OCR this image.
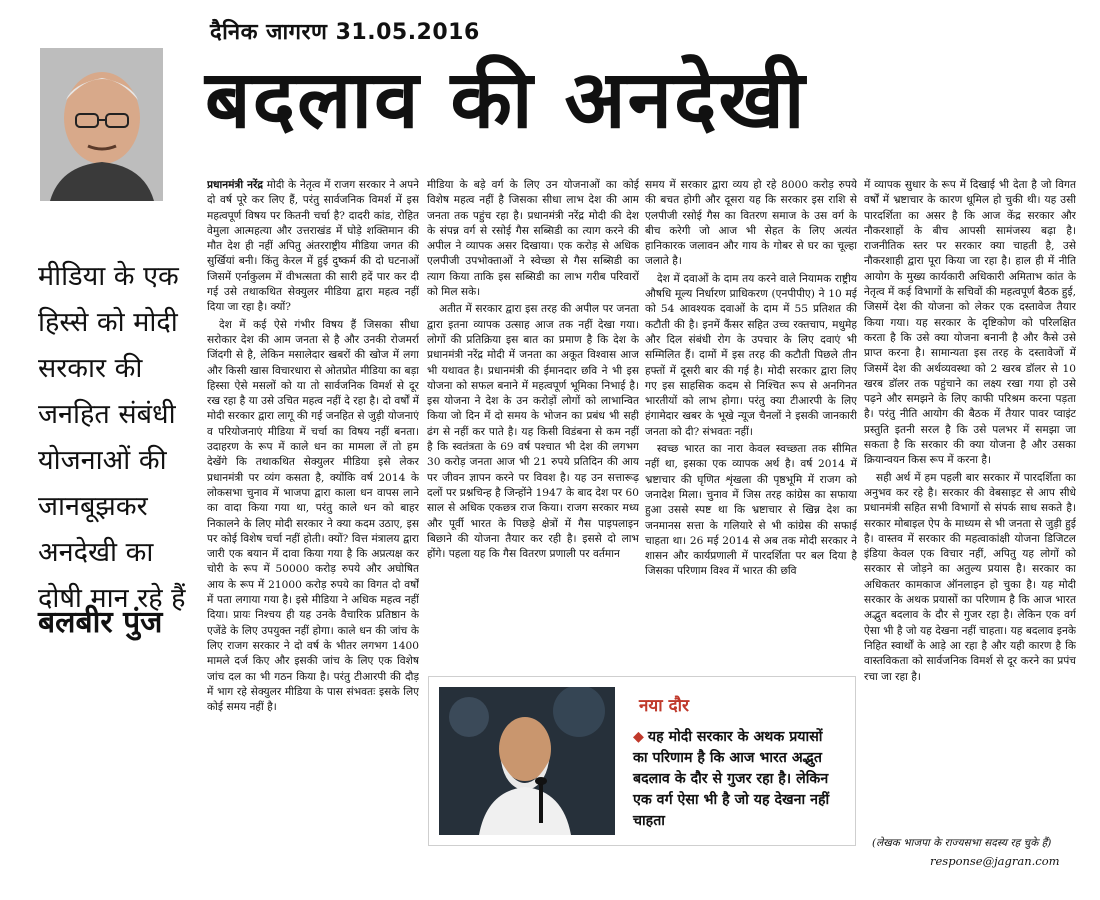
दैनिक जागरण 31.05.2016
बदलाव की अनदेखी
मीडिया के एक हिस्से को मोदी सरकार की जनहित संबंधी योजनाओं की जानबूझकर अनदेखी का दोषी मान रहे हैं
बलबीर पुंज

प्रधानमंत्री नरेंद्र मोदी के नेतृत्व में राजग सरकार ने अपने दो वर्ष पूरे कर लिए हैं, परंतु सार्वजनिक विमर्श में इस महत्वपूर्ण विषय पर कितनी चर्चा है? दादरी कांड, रोहित वेमुला आत्महत्या और उत्तराखंड में घोड़े शक्तिमान की मौत देश ही नहीं अपितु अंतरराष्ट्रीय मीडिया जगत की सुर्खियां बनी। किंतु केरल में हुई दुष्कर्म की दो घटनाओं जिसमें एर्नाकुलम में वीभत्सता की सारी हदें पार कर दी गई उसे तथाकथित सेक्युलर मीडिया द्वारा महत्व नहीं दिया जा रहा है। क्यों?

देश में कई ऐसे गंभीर विषय हैं जिसका सीधा सरोकार देश की आम जनता से है और उनकी रोजमर्रा जिंदगी से है, लेकिन मसालेदार खबरों की खोज में लगा और किसी खास विचारधारा से ओतप्रोत मीडिया का बड़ा हिस्सा ऐसे मसलों को या तो सार्वजनिक विमर्श से दूर रख रहा है या उसे उचित महत्व नहीं दे रहा है। दो वर्षों में मोदी सरकार द्वारा लागू की गई जनहित से जुड़ी योजनाएं व परियोजनाएं मीडिया में चर्चा का विषय नहीं बनता। उदाहरण के रूप में काले धन का मामला लें तो हम देखेंगे कि तथाकथित सेक्युलर मीडिया इसे लेकर प्रधानमंत्री पर व्यंग कसता है, क्योंकि वर्ष 2014 के लोकसभा चुनाव में भाजपा द्वारा काला धन वापस लाने का वादा किया गया था, परंतु काले धन को बाहर निकालने के लिए मोदी सरकार ने क्या कदम उठाए, इस पर कोई विशेष चर्चा नहीं होती। क्यों? वित्त मंत्रालय द्वारा जारी एक बयान में दावा किया गया है कि अप्रत्यक्ष कर चोरी के रूप में 50000 करोड़ रुपये और अघोषित आय के रूप में 21000 करोड़ रुपये का विगत दो वर्षों में पता लगाया गया है। इसे मीडिया ने अधिक महत्व नहीं दिया। प्रायः निश्चय ही यह उनके वैचारिक प्रतिष्ठान के एजेंडे के लिए उपयुक्त नहीं होगा। काले धन की जांच के लिए राजग सरकार ने दो वर्ष के भीतर लगभग 1400 मामले दर्ज किए और इसकी जांच के लिए एक विशेष जांच दल का भी गठन किया है। परंतु टीआरपी की दौड़ में भाग रहे सेक्युलर मीडिया के पास संभवतः इसके लिए कोई समय नहीं है।

मीडिया के बड़े वर्ग के लिए उन योजनाओं का कोई विशेष महत्व नहीं है जिसका सीधा लाभ देश की आम जनता तक पहुंच रहा है। प्रधानमंत्री नरेंद्र मोदी की देश के संपन्न वर्ग से रसोई गैस सब्सिडी का त्याग करने की अपील ने व्यापक असर दिखाया। एक करोड़ से अधिक एलपीजी उपभोक्ताओं ने स्वेच्छा से गैस सब्सिडी का त्याग किया ताकि इस सब्सिडी का लाभ गरीब परिवारों को मिल सके।

अतीत में सरकार द्वारा इस तरह की अपील पर जनता द्वारा इतना व्यापक उत्साह आज तक नहीं देखा गया। लोगों की प्रतिक्रिया इस बात का प्रमाण है कि देश के प्रधानमंत्री नरेंद्र मोदी में जनता का अकूत विश्वास आज भी यथावत है। प्रधानमंत्री की ईमानदार छवि ने भी इस योजना को सफल बनाने में महत्वपूर्ण भूमिका निभाई है। इस योजना ने देश के उन करोड़ों लोगों को लाभान्वित किया जो दिन में दो समय के भोजन का प्रबंध भी सही ढंग से नहीं कर पाते है। यह किसी विडंबना से कम नहीं है कि स्वतंत्रता के 69 वर्ष पश्चात भी देश की लगभग 30 करोड़ जनता आज भी 21 रुपये प्रतिदिन की आय पर जीवन ज्ञापन करने पर विवश है। यह उन सत्तारूढ़ दलों पर प्रश्नचिन्ह है जिन्होंने 1947 के बाद देश पर 60 साल से अधिक एकछत्र राज किया। राजग सरकार मध्य और पूर्वी भारत के पिछड़े क्षेत्रों में गैस पाइपलाइन बिछाने की योजना तैयार कर रही है। इससे दो लाभ होंगे। पहला यह कि गैस वितरण प्रणाली पर वर्तमान

समय में सरकार द्वारा व्यय हो रहे 8000 करोड़ रुपये की बचत होगी और दूसरा यह कि सरकार इस राशि से एलपीजी रसोई गैस का वितरण समाज के उस वर्ग के बीच करेगी जो आज भी सेहत के लिए अत्यंत हानिकारक जलावन और गाय के गोबर से घर का चूल्हा जलाते है।

देश में दवाओं के दाम तय करने वाले नियामक राष्ट्रीय औषधि मूल्य निर्धारण प्राधिकरण (एनपीपीए) ने 10 मई को 54 आवश्यक दवाओं के दाम में 55 प्रतिशत की कटौती की है। इनमें कैंसर सहित उच्च रक्तचाप, मधुमेह और दिल संबंधी रोग के उपचार के लिए दवाएं भी सम्मिलित हैं। दामों में इस तरह की कटौती पिछले तीन हफ्तों में दूसरी बार की गई है। मोदी सरकार द्वारा लिए गए इस साहसिक कदम से निश्चित रूप से अनगिनत भारतीयों को लाभ होगा। परंतु क्या टीआरपी के लिए हंगामेदार खबर के भूखे न्यूज चैनलों ने इसकी जानकारी जनता को दी? संभवतः नहीं।

स्वच्छ भारत का नारा केवल स्वच्छता तक सीमित नहीं था, इसका एक व्यापक अर्थ है। वर्ष 2014 में भ्रष्टाचार की घृणित शृंखला की पृष्ठभूमि में राजग को जनादेश मिला। चुनाव में जिस तरह कांग्रेस का सफाया हुआ उससे स्पष्ट था कि भ्रष्टाचार से खिन्न देश का जनमानस सत्ता के गलियारे से भी कांग्रेस की सफाई चाहता था। 26 मई 2014 से अब तक मोदी सरकार ने शासन और कार्यप्रणाली में पारदर्शिता पर बल दिया है जिसका परिणाम विश्व में भारत की छवि

में व्यापक सुधार के रूप में दिखाई भी देता है जो विगत वर्षों में भ्रष्टाचार के कारण धूमिल हो चुकी थी। यह उसी पारदर्शिता का असर है कि आज केंद्र सरकार और नौकरशाहों के बीच आपसी सामंजस्य बढ़ा है। राजनीतिक स्तर पर सरकार क्या चाहती है, उसे नौकरशाही द्वारा पूरा किया जा रहा है। हाल ही में नीति आयोग के मुख्य कार्यकारी अधिकारी अमिताभ कांत के नेतृत्व में कई विभागों के सचिवों की महत्वपूर्ण बैठक हुई, जिसमें देश की योजना को लेकर एक दस्तावेज तैयार किया गया। यह सरकार के दृष्टिकोण को परिलक्षित करता है कि उसे क्या योजना बनानी है और कैसे उसे प्राप्त करना है। सामान्यता इस तरह के दस्तावेजों में जिसमें देश की अर्थव्यवस्था को 2 खरब डॉलर से 10 खरब डॉलर तक पहुंचाने का लक्ष्य रखा गया हो उसे पढ़ने और समझने के लिए काफी परिश्रम करना पड़ता है। परंतु नीति आयोग की बैठक में तैयार पावर प्वाइंट प्रस्तुति इतनी सरल है कि उसे पलभर में समझा जा सकता है कि सरकार की क्या योजना है और उसका क्रियान्वयन किस रूप में करना है।

सही अर्थ में हम पहली बार सरकार में पारदर्शिता का अनुभव कर रहे है। सरकार की वेबसाइट से आप सीधे प्रधानमंत्री सहित सभी विभागों से संपर्क साध सकते है। सरकार मोबाइल ऐप के माध्यम से भी जनता से जुड़ी हुई है। वास्तव में सरकार की महत्वाकांक्षी योजना डिजिटल इंडिया केवल एक विचार नहीं, अपितु यह लोगों को सरकार से जोड़ने का अतुल्य प्रयास है। सरकार का अधिकतर कामकाज ऑनलाइन हो चुका है। यह मोदी सरकार के अथक प्रयासों का परिणाम है कि आज भारत अद्भुत बदलाव के दौर से गुजर रहा है। लेकिन एक वर्ग ऐसा भी है जो यह देखना नहीं चाहता। यह बदलाव इनके निहित स्वार्थों के आड़े आ रहा है और यही कारण है कि वास्तविकता को सार्वजनिक विमर्श से दूर करने का प्रपंच रचा जा रहा है।

नया दौर
◆ यह मोदी सरकार के अथक प्रयासों का परिणाम है कि आज भारत अद्भुत बदलाव के दौर से गुजर रहा है। लेकिन एक वर्ग ऐसा भी है जो यह देखना नहीं चाहता
(लेखक भाजपा के राज्यसभा सदस्य रह चुके हैं)
response@jagran.com
